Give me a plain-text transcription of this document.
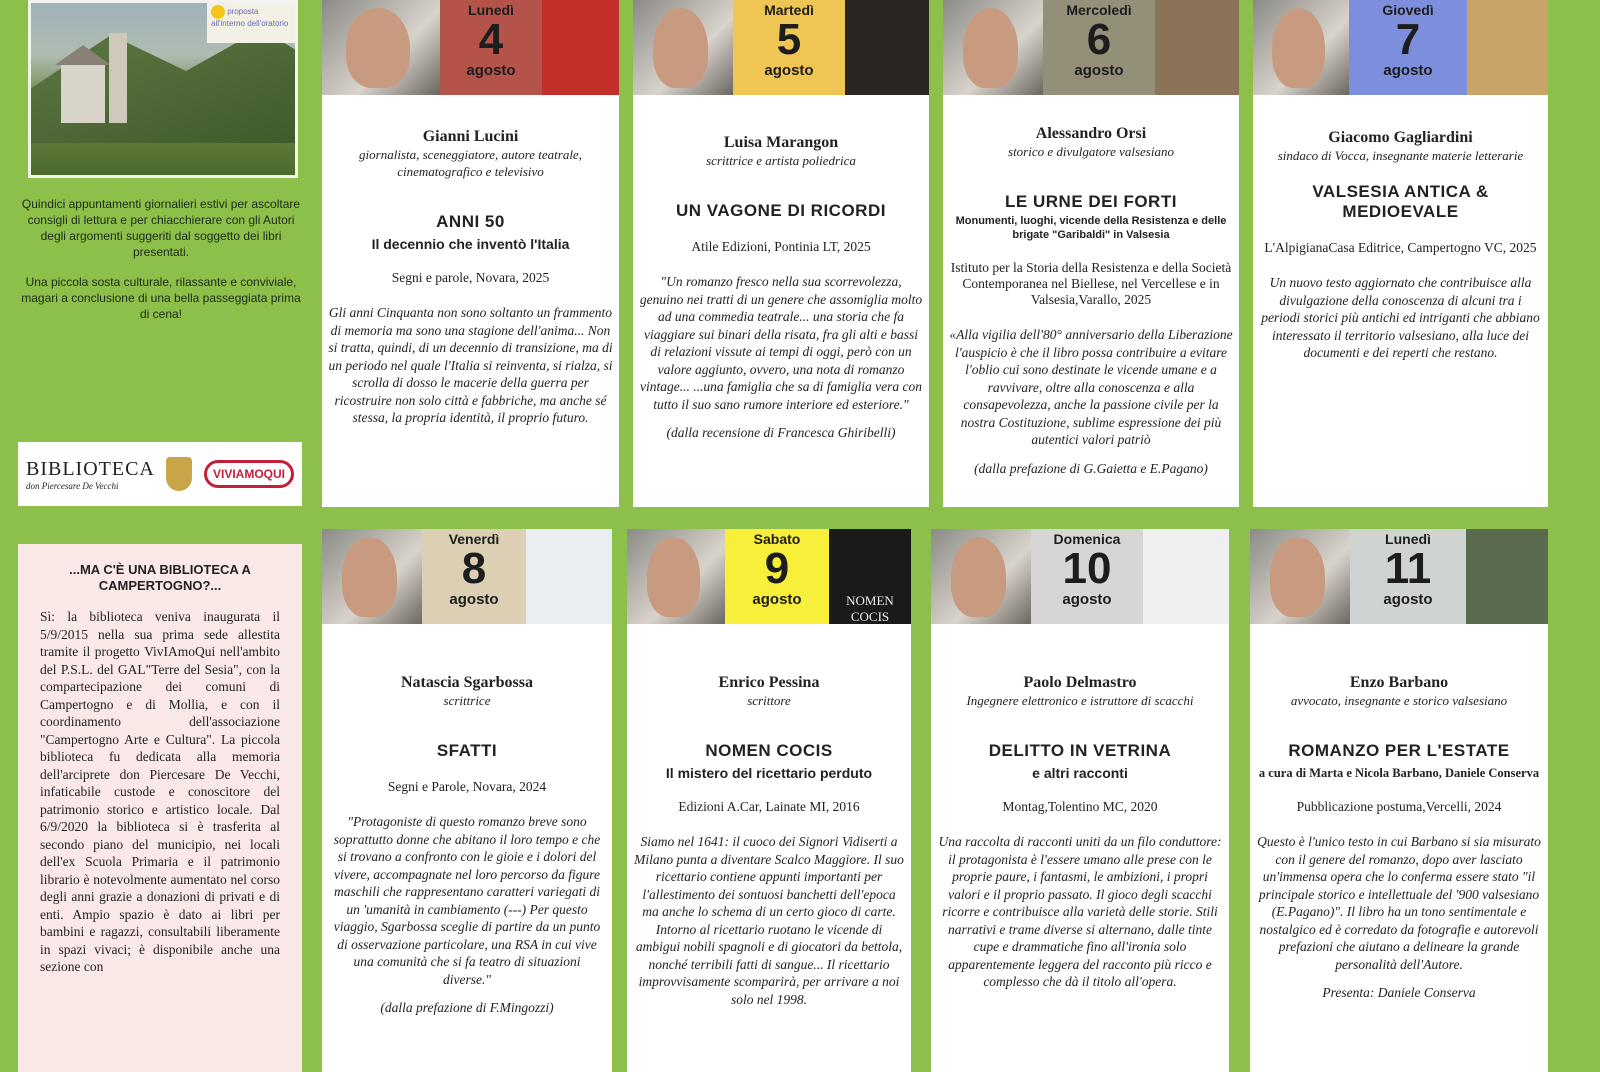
proposta
all'interno dell'oratorio

Quindici appuntamenti giornalieri estivi per ascoltare consigli di lettura e per chiacchierare con gli Autori degli argomenti suggeriti dal soggetto dei libri presentati.

Una piccola sosta culturale, rilassante e conviviale, magari a conclusione di una bella passeggiata prima di cena!

BIBLIOTECA
don Piercesare De Vecchi
VIVIAMOQUI
...MA C'È UNA BIBLIOTECA A CAMPERTOGNO?...

Sì: la biblioteca veniva inaugurata il 5/9/2015 nella sua prima sede allestita tramite il progetto VivIAmoQui nell'ambito del P.S.L. del GAL"Terre del Sesia", con la compartecipazione dei comuni di Campertogno e di Mollia, e con il coordinamento dell'associazione "Campertogno Arte e Cultura". La piccola biblioteca fu dedicata alla memoria dell'arciprete don Piercesare De Vecchi, infaticabile custode e conoscitore del patrimonio storico e artistico locale. Dal 6/9/2020 la biblioteca si è trasferita al secondo piano del municipio, nei locali dell'ex Scuola Primaria e il patrimonio librario è notevolmente aumentato nel corso degli anni grazie a donazioni di privati e di enti. Ampio spazio è dato ai libri per bambini e ragazzi, consultabili liberamente in spazi vivaci; è disponibile anche una sezione con

Lunedì
4
agosto

Gianni Lucini

giornalista, sceneggiatore, autore teatrale, cinematografico e televisivo

ANNI 50

Il decennio che inventò l'Italia

Segni e parole, Novara, 2025

Gli anni Cinquanta non sono soltanto un frammento di memoria ma sono una stagione dell'anima... Non si tratta, quindi, di un decennio di transizione, ma di un periodo nel quale l'Italia si reinventa, si rialza, si scrolla di dosso le macerie della guerra per ricostruire non solo città e fabbriche, ma anche sé stessa, la propria identità, il proprio futuro.

Martedì
5
agosto

Luisa Marangon

scrittrice e artista poliedrica

UN VAGONE DI RICORDI

Atile Edizioni, Pontinia LT, 2025

"Un romanzo fresco nella sua scorrevolezza, genuino nei tratti di un genere che assomiglia molto ad una commedia teatrale... una storia che fa viaggiare sui binari della risata, fra gli alti e bassi di relazioni vissute ai tempi di oggi, però con un valore aggiunto, ovvero, una nota di romanzo vintage... ...una famiglia che sa di famiglia vera con tutto il suo sano rumore interiore ed esteriore."

(dalla recensione di Francesca Ghiribelli)

Mercoledì
6
agosto

Alessandro Orsi

storico e divulgatore valsesiano

LE URNE DEI FORTI

Monumenti, luoghi, vicende della Resistenza e delle brigate "Garibaldi" in Valsesia

Istituto per la Storia della Resistenza e della Società Contemporanea nel Biellese, nel Vercellese e in Valsesia,Varallo, 2025

«Alla vigilia dell'80° anniversario della Liberazione l'auspicio è che il libro possa contribuire a evitare l'oblio cui sono destinate le vicende umane e a ravvivare, oltre alla conoscenza e alla consapevolezza, anche la passione civile per la nostra Costituzione, sublime espressione dei più autentici valori patriò

(dalla prefazione di G.Gaietta e E.Pagano)

Giovedì
7
agosto

Giacomo Gagliardini

sindaco di Vocca, insegnante materie letterarie

VALSESIA ANTICA & MEDIOEVALE

L'AlpigianaCasa Editrice, Campertogno VC, 2025

Un nuovo testo aggiornato che contribuisce alla divulgazione della conoscenza di alcuni tra i periodi storici più antichi ed intriganti che abbiano interessato il territorio valsesiano, alla luce dei documenti e dei reperti che restano.

Venerdì
8
agosto

Natascia Sgarbossa

scrittrice

SFATTI

Segni e Parole, Novara, 2024

"Protagoniste di questo romanzo breve sono soprattutto donne che abitano il loro tempo e che si trovano a confronto con le gioie e i dolori del vivere, accompagnate nel loro percorso da figure maschili che rappresentano caratteri variegati di un 'umanità in cambiamento (---) Per questo viaggio, Sgarbossa sceglie di partire da un punto di osservazione particolare, una RSA in cui vive una comunità che si fa teatro di situazioni diverse."

(dalla prefazione di F.Mingozzi)

Sabato
9
agosto	NOMEN COCIS

Enrico Pessina

scrittore

NOMEN COCIS

Il mistero del ricettario perduto

Edizioni A.Car, Lainate MI, 2016

Siamo nel 1641: il cuoco dei Signori Vidiserti a Milano punta a diventare Scalco Maggiore. Il suo ricettario contiene appunti importanti per l'allestimento dei sontuosi banchetti dell'epoca ma anche lo schema di un certo gioco di carte. Intorno al ricettario ruotano le vicende di ambigui nobili spagnoli e di giocatori da bettola, nonché terribili fatti di sangue... Il ricettario improvvisamente scomparirà, per arrivare a noi solo nel 1998.

Domenica
10
agosto

Paolo Delmastro

Ingegnere elettronico e istruttore di scacchi

DELITTO IN VETRINA

e altri racconti

Montag,Tolentino MC, 2020

Una raccolta di racconti uniti da un filo conduttore: il protagonista è l'essere umano alle prese con le proprie paure, i fantasmi, le ambizioni, i propri valori e il proprio passato. Il gioco degli scacchi ricorre e contribuisce alla varietà delle storie. Stili narrativi e trame diverse si alternano, dalle tinte cupe e drammatiche fino all'ironia solo apparentemente leggera del racconto più ricco e complesso che dà il titolo all'opera.

Lunedì
11
agosto

Enzo Barbano

avvocato, insegnante e storico valsesiano

ROMANZO PER L'ESTATE

a cura di Marta e Nicola Barbano, Daniele Conserva

Pubblicazione postuma,Vercelli, 2024

Questo è l'unico testo in cui Barbano si sia misurato con il genere del romanzo, dopo aver lasciato un'immensa opera che lo conferma essere stato "il principale storico e intellettuale del '900 valsesiano (E.Pagano)". Il libro ha un tono sentimentale e nostalgico ed è corredato da fotografie e autorevoli prefazioni che aiutano a delineare la grande personalità dell'Autore.

Presenta: Daniele Conserva
